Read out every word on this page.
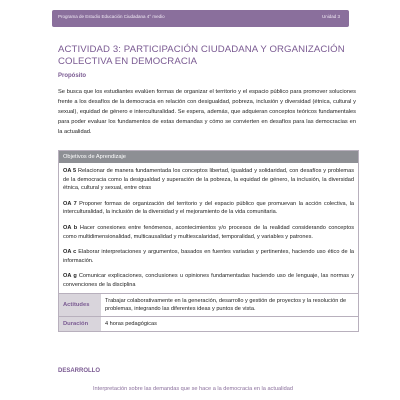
Programa de Estudio Educación Ciudadana 4° medio	Unidad 3
ACTIVIDAD 3: PARTICIPACIÓN CIUDADANA Y ORGANIZACIÓN COLECTIVA EN DEMOCRACIA
Propósito
Se busca que los estudiantes evalúen formas de organizar el territorio y el espacio público para promover soluciones frente a los desafíos de la democracia en relación con desigualdad, pobreza, inclusión y diversidad (étnica, cultural y sexual), equidad de género e interculturalidad. Se espera, además, que adquieran conceptos teóricos fundamentales para poder evaluar los fundamentos de estas demandas y cómo se convierten en desafíos para las democracias en la actualidad.
Objetivos de Aprendizaje
OA 5 Relacionar de manera fundamentada los conceptos libertad, igualdad y solidaridad, con desafíos y problemas de la democracia como la desigualdad y superación de la pobreza, la equidad de género, la inclusión, la diversidad étnica, cultural y sexual, entre otras
OA 7 Proponer formas de organización del territorio y del espacio público que promuevan la acción colectiva, la interculturalidad, la inclusión de la diversidad y el mejoramiento de la vida comunitaria.
OA b Hacer conexiones entre fenómenos, acontecimientos y/o procesos de la realidad considerando conceptos como multidimensionalidad, multicausalidad y multiescalaridad, temporalidad, y variables y patrones.
OA c Elaborar interpretaciones y argumentos, basados en fuentes variadas y pertinentes, haciendo uso ético de la información.
OA g Comunicar explicaciones, conclusiones u opiniones fundamentadas haciendo uso de lenguaje, las normas y convenciones de la disciplina
Actitudes
Trabajar colaborativamente en la generación, desarrollo y gestión de proyectos y la resolución de problemas, integrando las diferentes ideas y puntos de vista.
Duración	4 horas pedagógicas
DESARROLLO
Interpretación sobre las demandas que se hace a la democracia en la actualidad
